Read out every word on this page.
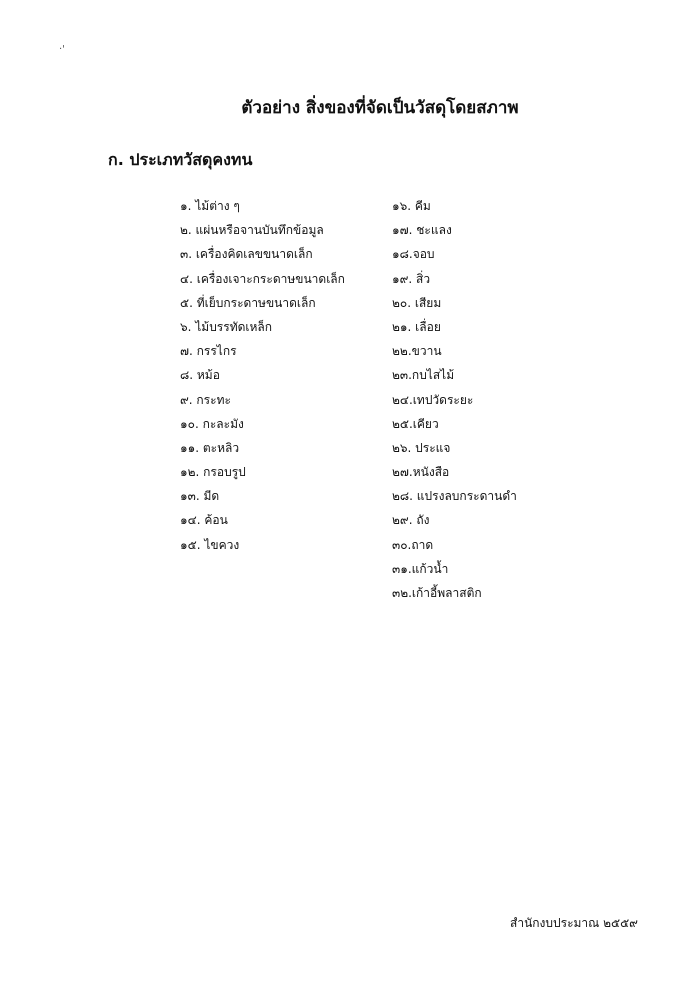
·'
ตัวอย่าง สิ่งของที่จัดเป็นวัสดุโดยสภาพ
ก. ประเภทวัสดุคงทน
๑. ไม้ต่าง ๆ
๒. แผ่นหรือจานบันทึกข้อมูล
๓. เครื่องคิดเลขขนาดเล็ก
๔. เครื่องเจาะกระดาษขนาดเล็ก
๕. ที่เย็บกระดาษขนาดเล็ก
๖. ไม้บรรทัดเหล็ก
๗. กรรไกร
๘. หม้อ
๙. กระทะ
๑๐. กะละมัง
๑๑. ตะหลิว
๑๒. กรอบรูป
๑๓. มีด
๑๔. ค้อน
๑๕. ไขควง
๑๖. คีม
๑๗. ชะแลง
๑๘.จอบ
๑๙. สิ่ว
๒๐. เสียม
๒๑. เลื่อย
๒๒.ขวาน
๒๓.กบไสไม้
๒๔.เทปวัดระยะ
๒๕.เคียว
๒๖. ประแจ
๒๗.หนังสือ
๒๘. แปรงลบกระดานดำ
๒๙. ถัง
๓๐.ถาด
๓๑.แก้วน้ำ
๓๒.เก้าอี้พลาสติก
สำนักงบประมาณ ๒๕๕๙
